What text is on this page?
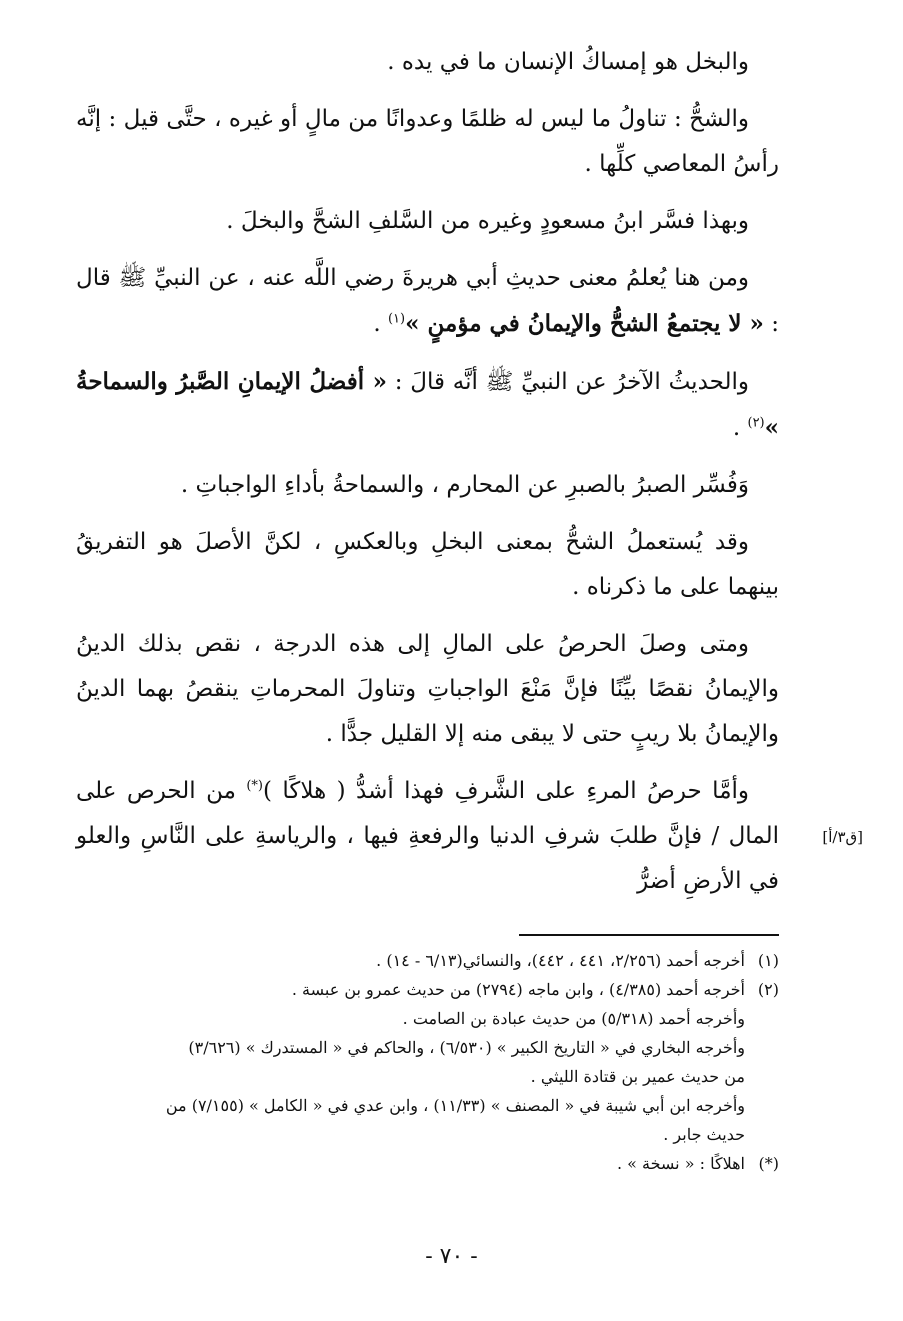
والبخل هو إمساكُ الإنسان ما في يده .

والشحُّ : تناولُ ما ليس له ظلمًا وعدوانًا من مالٍ أو غيره ، حتَّى قيل : إنَّه رأسُ المعاصي كلِّها .

وبهذا فسَّر ابنُ مسعودٍ وغيره من السَّلفِ الشحَّ والبخلَ .

ومن هنا يُعلمُ معنى حديثِ أبي هريرةَ رضي اللَّه عنه ، عن النبيِّ ﷺ قال : « لا يجتمعُ الشحُّ والإيمانُ في مؤمنٍ »$^{(١)}$ .

والحديثُ الآخرُ عن النبيِّ ﷺ أنَّه قالَ : « أفضلُ الإيمانِ الصَّبرُ والسماحةُ »$^{(٢)}$ .

وَفُسِّر الصبرُ بالصبرِ عن المحارم ، والسماحةُ بأداءِ الواجباتِ .

وقد يُستعملُ الشحُّ بمعنى البخلِ وبالعكسِ ، لكنَّ الأصلَ هو التفريقُ بينهما على ما ذكرناه .

ومتى وصلَ الحرصُ على المالِ إلى هذه الدرجة ، نقص بذلك الدينُ والإيمانُ نقصًا بيِّنًا فإنَّ مَنْعَ الواجباتِ وتناولَ المحرماتِ ينقصُ بهما الدينُ والإيمانُ بلا ريبٍ حتى لا يبقى منه إلا القليل جدًّا .

وأمَّا حرصُ المرءِ على الشَّرفِ فهذا أشدُّ ( هلاكًا )(*) من الحرص على المال / فإنَّ طلبَ شرفِ الدنيا والرفعةِ فيها ، والرياسةِ على النَّاسِ والعلو في الأرضِ أضرُّ

[ق٣/أ]
(١)
أخرجه أحمد (٢/٢٥٦، ٤٤١ ، ٤٤٢)، والنسائي(٦/١٣ - ١٤) .
(٢)
أخرجه أحمد (٤/٣٨٥) ، وابن ماجه (٢٧٩٤) من حديث عمرو بن عبسة .
وأخرجه أحمد (٥/٣١٨) من حديث عبادة بن الصامت .
وأخرجه البخاري في « التاريخ الكبير » (٦/٥٣٠) ، والحاكم في « المستدرك » (٣/٦٢٦)
من حديث عمير بن قتادة الليثي .
وأخرجه ابن أبي شيبة في « المصنف » (١١/٣٣) ، وابن عدي في « الكامل » (٧/١٥٥) من
حديث جابر .
(*)
اهلاكًا : « نسخة » .
- ٧٠ -
